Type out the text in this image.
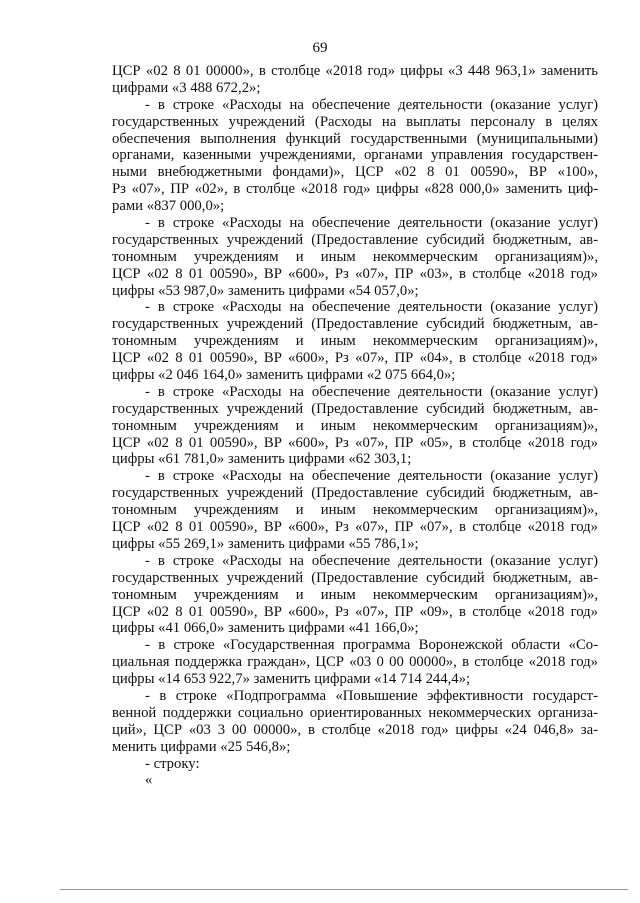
69
ЦСР «02 8 01 00000», в столбце «2018 год» цифры «3 448 963,1» заменить
цифрами «3 488 672,2»;
- в строке «Расходы на обеспечение деятельности (оказание услуг)
государственных учреждений (Расходы на выплаты персоналу в целях
обеспечения выполнения функций государственными (муниципальными)
органами, казенными учреждениями, органами управления государствен-
ными внебюджетными фондами)», ЦСР «02 8 01 00590», ВР «100»,
Рз «07», ПР «02», в столбце «2018 год» цифры «828 000,0» заменить циф-
рами «837 000,0»;
- в строке «Расходы на обеспечение деятельности (оказание услуг)
государственных учреждений (Предоставление субсидий бюджетным, ав-
тономным учреждениям и иным некоммерческим организациям)»,
ЦСР «02 8 01 00590», ВР «600», Рз «07», ПР «03», в столбце «2018 год»
цифры «53 987,0» заменить цифрами «54 057,0»;
- в строке «Расходы на обеспечение деятельности (оказание услуг)
государственных учреждений (Предоставление субсидий бюджетным, ав-
тономным учреждениям и иным некоммерческим организациям)»,
ЦСР «02 8 01 00590», ВР «600», Рз «07», ПР «04», в столбце «2018 год»
цифры «2 046 164,0» заменить цифрами «2 075 664,0»;
- в строке «Расходы на обеспечение деятельности (оказание услуг)
государственных учреждений (Предоставление субсидий бюджетным, ав-
тономным учреждениям и иным некоммерческим организациям)»,
ЦСР «02 8 01 00590», ВР «600», Рз «07», ПР «05», в столбце «2018 год»
цифры «61 781,0» заменить цифрами «62 303,1;
- в строке «Расходы на обеспечение деятельности (оказание услуг)
государственных учреждений (Предоставление субсидий бюджетным, ав-
тономным учреждениям и иным некоммерческим организациям)»,
ЦСР «02 8 01 00590», ВР «600», Рз «07», ПР «07», в столбце «2018 год»
цифры «55 269,1» заменить цифрами «55 786,1»;
- в строке «Расходы на обеспечение деятельности (оказание услуг)
государственных учреждений (Предоставление субсидий бюджетным, ав-
тономным учреждениям и иным некоммерческим организациям)»,
ЦСР «02 8 01 00590», ВР «600», Рз «07», ПР «09», в столбце «2018 год»
цифры «41 066,0» заменить цифрами «41 166,0»;
- в строке «Государственная программа Воронежской области «Со-
циальная поддержка граждан», ЦСР «03 0 00 00000», в столбце «2018 год»
цифры «14 653 922,7» заменить цифрами «14 714 244,4»;
- в строке «Подпрограмма «Повышение эффективности государст-
венной поддержки социально ориентированных некоммерческих организа-
ций», ЦСР «03 3 00 00000», в столбце «2018 год» цифры «24 046,8» за-
менить цифрами «25 546,8»;
- строку:
«
